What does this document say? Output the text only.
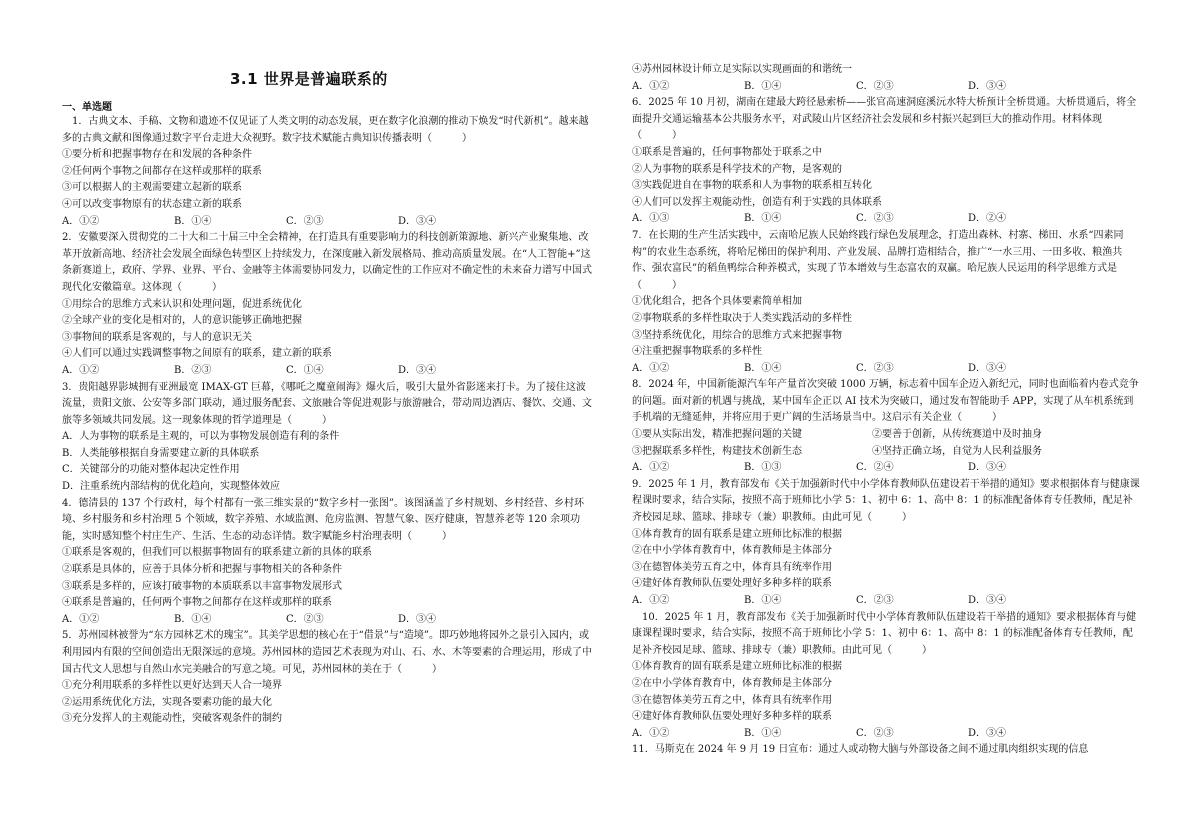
3.1 世界是普遍联系的
一、单选题

　1．古典文本、手稿、文物和遗迹不仅见证了人类文明的动态发展，更在数字化浪潮的推动下焕发“时代新机”。越来越多的古典文献和图像通过数字平台走进大众视野。数字技术赋能古典知识传播表明（　　　）

①要分析和把握事物存在和发展的各种条件

②任何两个事物之间都存在这样或那样的联系

③可以根据人的主观需要建立起新的联系

④可以改变事物原有的状态建立新的联系

A．①②	B．①④	C．②③	D．③④

2．安徽要深入贯彻党的二十大和二十届三中全会精神，在打造具有重要影响力的科技创新策源地、新兴产业聚集地、改革开放新高地、经济社会发展全面绿色转型区上持续发力，在深度融入新发展格局、推动高质量发展。在“人工智能+”这条新赛道上，政府、学界、业界、平台、金融等主体需要协同发力，以确定性的工作应对不确定性的未来奋力谱写中国式现代化安徽篇章。这体现（　　　）

①用综合的思维方式来认识和处理问题，促进系统优化

②全球产业的变化是相对的，人的意识能够正确地把握

③事物间的联系是客观的，与人的意识无关

④人们可以通过实践调整事物之间原有的联系，建立新的联系

A．①②	B．②③	C．①④	D．③④

3．贵阳越界影城拥有亚洲最宽 IMAX-GT 巨幕，《哪吒之魔童闹海》爆火后，吸引大量外省影迷来打卡。为了接住这波流量，贵阳文旅、公安等多部门联动，通过服务配套、文旅融合等促进观影与旅游融合，带动周边酒店、餐饮、交通、文旅等多领域共同发展。这一现象体现的哲学道理是（　　　）

A．人为事物的联系是主观的，可以为事物发展创造有利的条件

B．人类能够根据自身需要建立新的具体联系

C．关键部分的功能对整体起决定性作用

D．注重系统内部结构的优化趋向，实现整体效应

4．德清县的 137 个行政村，每个村都有一张三维实景的“数字乡村一张图”。该图涵盖了乡村规划、乡村经营、乡村环境、乡村服务和乡村治理 5 个领域，数字养殖、水域监测、危房监测、智慧气象、医疗健康，智慧养老等 120 余项功能，实时感知整个村庄生产、生活、生态的动态详情。数字赋能乡村治理表明（　　　）

①联系是客观的，但我们可以根据事物固有的联系建立新的具体的联系

②联系是具体的，应善于具体分析和把握与事物相关的各种条件

③联系是多样的，应该打破事物的本质联系以丰富事物发展形式

④联系是普遍的，任何两个事物之间都存在这样或那样的联系

A．①②	B．①④	C．②③	D．③④

5．苏州园林被誉为“东方园林艺术的瑰宝”。其美学思想的核心在于“借景”与“造境”。即巧妙地将园外之景引入园内，或利用园内有限的空间创造出无限深远的意境。苏州园林的造园艺术表现为对山、石、水、木等要素的合理运用，形成了中国古代文人思想与自然山水完美融合的写意之境。可见，苏州园林的美在于（　　　）

①充分利用联系的多样性以更好达到天人合一境界

②运用系统优化方法，实现各要素功能的最大化

③充分发挥人的主观能动性，突破客观条件的制约

④苏州园林设计师立足实际以实现画面的和谐统一

A．①②	B．①④	C．②③	D．③④

6．2025 年 10 月初，湖南在建最大跨径悬索桥——张官高速洞庭溪沅水特大桥预计全桥贯通。大桥贯通后，将全面提升交通运输基本公共服务水平，对武陵山片区经济社会发展和乡村振兴起到巨大的推动作用。材料体现（　　　）

①联系是普遍的，任何事物都处于联系之中

②人为事物的联系是科学技术的产物，是客观的

③实践促进自在事物的联系和人为事物的联系相互转化

④人们可以发挥主观能动性，创造有利于实践的具体联系

A．①③	B．①④	C．②③	D．②④

7．在长期的生产生活实践中，云南哈尼族人民始终践行绿色发展理念，打造出森林、村寨、梯田、水系“四素同构”的农业生态系统，将哈尼梯田的保护利用、产业发展、品牌打造相结合，推广“一水三用、一田多收、粮渔共作、强农富民”的稻鱼鸭综合种养模式，实现了节本增效与生态富农的双赢。哈尼族人民运用的科学思维方式是（　　　）

①优化组合，把各个具体要素简单相加

②事物联系的多样性取决于人类实践活动的多样性

③坚持系统优化，用综合的思维方式来把握事物

④注重把握事物联系的多样性

A．①②	B．①④	C．②③	D．③④

8．2024 年，中国新能源汽车年产量首次突破 1000 万辆，标志着中国车企迈入新纪元，同时也面临着内卷式竞争的问题。面对新的机遇与挑战，某中国车企正以 AI 技术为突破口，通过发布智能助手 APP，实现了从车机系统到手机端的无缝延伸，并将应用于更广阔的生活场景当中。这启示有关企业（　　　）

①要从实际出发，精准把握问题的关键	②要善于创新，从传统赛道中及时抽身
③把握联系多样性，构建技术创新生态	④坚持正确立场，自觉为人民利益服务
A．①②	B．①③	C．②④	D．③④

9．2025 年 1 月，教育部发布《关于加强新时代中小学体育教师队伍建设若干举措的通知》要求根据体育与健康课程课时要求，结合实际，按照不高于班师比小学 5：1、初中 6：1、高中 8：1 的标准配备体育专任教师，配足补齐校园足球、篮球、排球专（兼）职教师。由此可见（　　　）

①体育教育的固有联系是建立班师比标准的根据

②在中小学体育教育中，体育教师是主体部分

③在德智体美劳五育之中，体育具有统率作用

④建好体育教师队伍要处理好多种多样的联系

A．①②	B．①④	C．②③	D．③④

　10．2025 年 1 月，教育部发布《关于加强新时代中小学体育教师队伍建设若干举措的通知》要求根据体育与健康课程课时要求，结合实际，按照不高于班师比小学 5：1、初中 6：1、高中 8：1 的标准配备体育专任教师，配足补齐校园足球、篮球、排球专（兼）职教师。由此可见（　　　）

①体育教育的固有联系是建立班师比标准的根据

②在中小学体育教育中，体育教师是主体部分

③在德智体美劳五育之中，体育具有统率作用

④建好体育教师队伍要处理好多种多样的联系

A．①②	B．①④	C．②③	D．③④

11．马斯克在 2024 年 9 月 19 日宣布：通过人或动物大脑与外部设备之间不通过肌肉组织实现的信息
